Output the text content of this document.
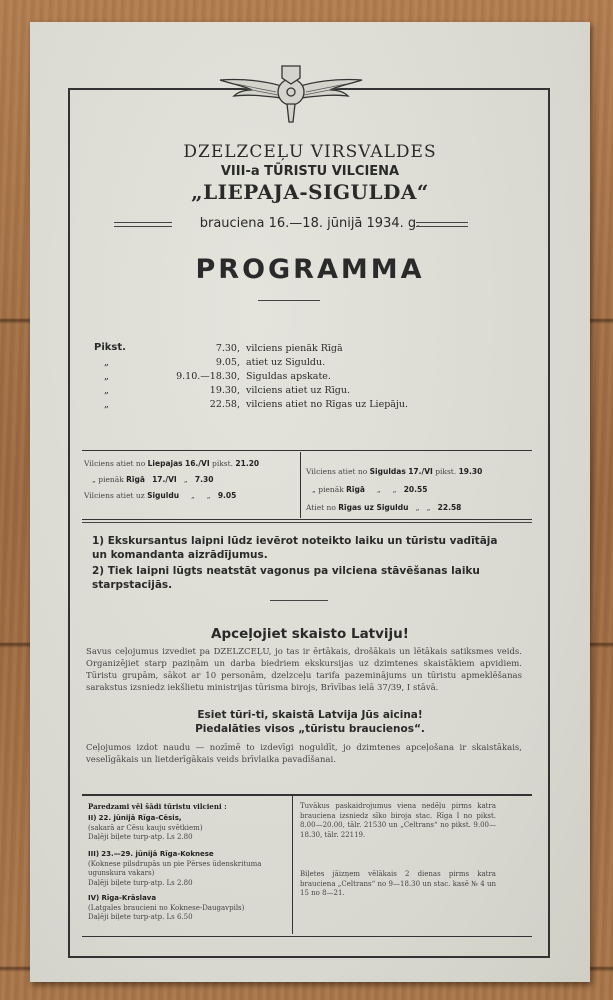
DZELZCEĻU VIRSVALDES
VIII-a TŪRISTU VILCIENA
„LIEPAJA-SIGULDA“
brauciena 16.—18. jūnijā 1934. g.
PROGRAMMA
Pikst.	7.30, vilciens pienāk Rīgā
„	9.05, atiet uz Siguldu.
„	9.10.—18.30, Siguldas apskate.
„	19.30, vilciens atiet uz Rīgu.
„	22.58, vilciens atiet no Rīgas uz Liepāju.
Vilciens atiet no Liepajas 16./VI pikst. 21.20
„ pienāk Rīgā 17./VI „ 7.30
Vilciens atiet uz Siguldu „ „ 9.05
Vilciens atiet no Siguldas 17./VI pikst. 19.30
„ pienāk Rīgā „ „ 20.55
Atiet no Rīgas uz Siguldu „ „ 22.58
1) Ekskursantus laipni lūdz ievērot noteikto laiku un tūristu vadītāja un komandanta aizrādījumus.
2) Tiek laipni lūgts neatstāt vagonus pa vilciena stāvēšanas laiku starpstacijās.
Apceļojiet skaisto Latviju!
Savus ceļojumus izvediet pa DZELZCEĻU, jo tas ir ērtākais, drošākais un lētākais satiksmes veids. Organizējiet starp paziņām un darba biedriem ekskursijas uz dzimtenes skaistākiem apvidiem. Tūristu grupām, sākot ar 10 personām, dzelzceļu tarifa pazeminājums un tūristu apmeklēšanas sarakstus izsniedz iekšlietu ministrijas tūrisma birojs, Brīvības ielā 37/39, I stāvā.
Esiet tūri-ti, skaistā Latvija Jūs aicina!
Piedalāties visos „tūristu braucienos“.
Ceļojumos izdot naudu — nozīmē to izdevīgi noguldīt, jo dzimtenes apceļošana ir skaistākais, veselīgākais un lietderīgākais veids brīvlaika pavadīšanai.
Paredzami vēl šādi tūristu vilcieni :
II) 22. jūnijā Rīga-Cēsis,
(sakarā ar Cēsu kauju svētkiem)
Daļēji biļete turp-atp. Ls 2.80
III) 23.—29. jūnijā Rīga-Koknese
(Koknese pilsdrupās un pie Pērses ūdenskrituma ugunskura vakars)
Daļēji biļete turp-atp. Ls 2.80
IV) Rīga-Krāslava
(Latgales braucieni no Koknese-Daugavpils)
Daļēji biļete turp-atp. Ls 6.50
Tuvākus paskaidrojumus viena nedēļu pirms katra brauciena izsniedz sīko biroja stac. Rīga I no pikst. 8.00—20.00, tālr. 21530 un „Celtrans“ no pikst. 9.00—18.30, tālr. 22119.
Biļetes jāizņem vēlākais 2 dienas pirms katra brauciena „Celtrans“ no 9—18.30 un stac. kasē № 4 un 15 no 8—21.
